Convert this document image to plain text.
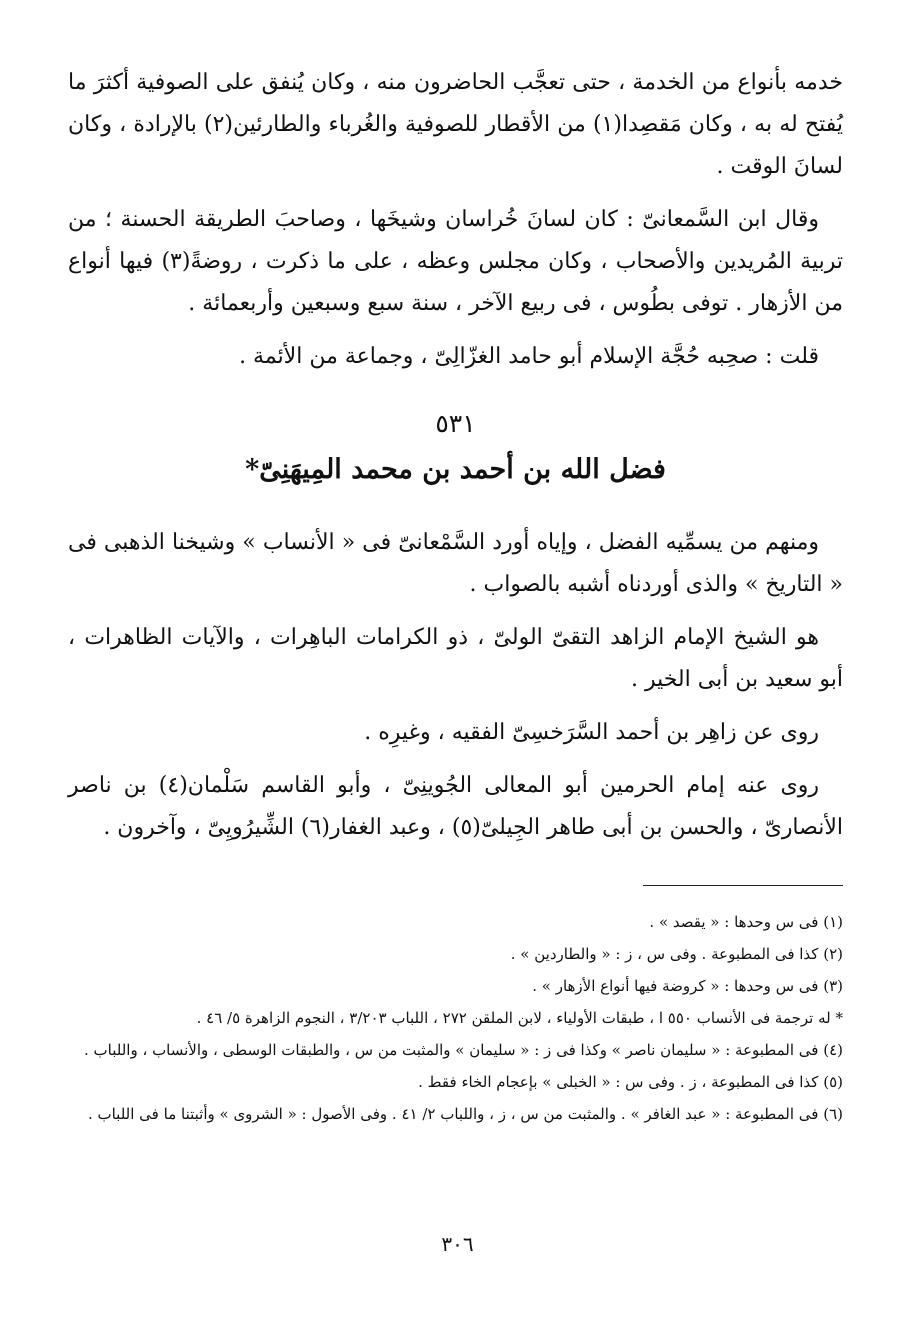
خدمه بأنواع من الخدمة ، حتى تعجَّب الحاضرون منه ، وكان يُنفق على الصوفية أكثرَ ما يُفتح له به ، وكان مَقصِدا(١) من الأقطار للصوفية والغُرباء والطارئين(٢) بالإرادة ، وكان لسانَ الوقت .

وقال ابن السَّمعانىّ : كان لسانَ خُراسان وشيخَها ، وصاحبَ الطريقة الحسنة ؛ من تربية المُريدين والأصحاب ، وكان مجلس وعظه ، على ما ذكرت ، روضةً(٣) فيها أنواع من الأزهار . توفى بطُوس ، فى ربيع الآخر ، سنة سبع وسبعين وأربعمائة .

قلت : صحِبه حُجَّة الإسلام أبو حامد الغزّالِىّ ، وجماعة من الأئمة .

٥٣١
فضل الله بن أحمد بن محمد المِيهَنِىّ*

ومنهم من يسمِّيه الفضل ، وإياه أورد السَّمْعانىّ فى « الأنساب » وشيخنا الذهبى فى « التاريخ » والذى أوردناه أشبه بالصواب .

هو الشيخ الإمام الزاهد التقىّ الولىّ ، ذو الكرامات الباهِرات ، والآيات الظاهرات ، أبو سعيد بن أبى الخير .

روى عن زاهِر بن أحمد السَّرَخسِىّ الفقيه ، وغيرِه .

روى عنه إمام الحرمين أبو المعالى الجُوينِىّ ، وأبو القاسم سَلْمان(٤) بن ناصر الأنصارىّ ، والحسن بن أبى طاهر الجِيلىّ(٥) ، وعبد الغفار(٦) الشِّيرُويِىّ ، وآخرون .

(١) فى س وحدها : « يقصد » .

(٢) كذا فى المطبوعة . وفى س ، ز : « والطاردين » .

(٣) فى س وحدها : « كروضة فيها أنواع الأزهار » .

* له ترجمة فى الأنساب ٥٥٠ ا ، طبقات الأولياء ، لابن الملقن ٢٧٢ ، اللباب ٣/٢٠٣ ، النجوم الزاهرة ٥/ ٤٦ .

(٤) فى المطبوعة : « سليمان ناصر » وكذا فى ز : « سليمان » والمثبت من س ، والطبقات الوسطى ، والأنساب ، واللباب .

(٥) كذا فى المطبوعة ، ز . وفى س : « الخبلى » بإعجام الخاء فقط .

(٦) فى المطبوعة : « عبد الغافر » . والمثبت من س ، ز ، واللباب ٢/ ٤١ . وفى الأصول : « الشروى » وأثبتنا ما فى اللباب .

٣٠٦
